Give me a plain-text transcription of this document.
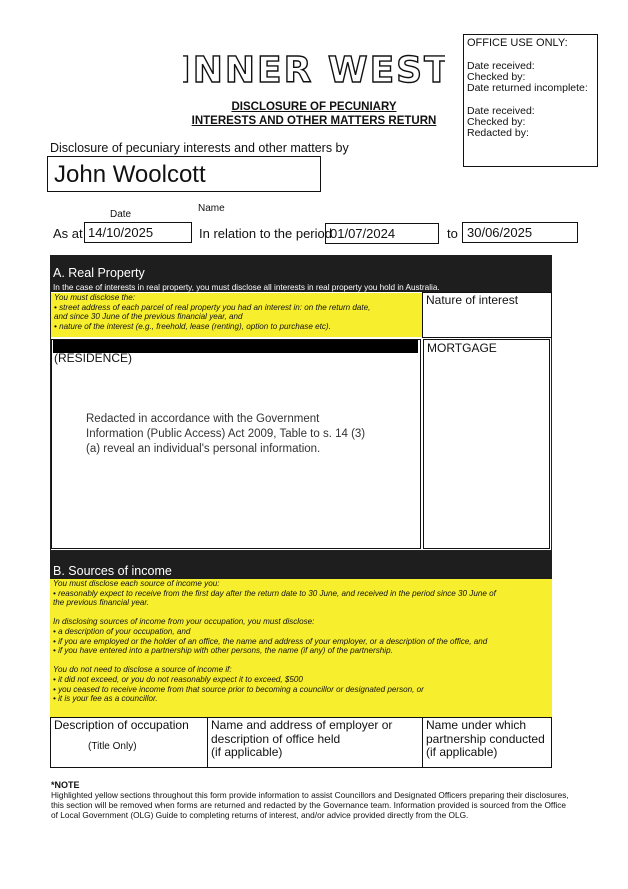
INNER WEST
DISCLOSURE OF PECUNIARY
INTERESTS AND OTHER MATTERS RETURN
OFFICE USE ONLY:
Date received:
Checked by:
Date returned incomplete:
Date received:
Checked by:
Redacted by:
Disclosure of pecuniary interests and other matters by
John Woolcott
Name
Date
As at 14/10/2025	In relation to the period
01/07/2024	to 30/06/2025
A. Real Property
In the case of interests in real property, you must disclose all interests in real property you hold in Australia.
You must disclose the:
• street address of each parcel of real property you had an interest in: on the return date,
and since 30 June of the previous financial year, and
• nature of the interest (e.g., freehold, lease (renting), option to purchase etc).
Nature of interest
(RESIDENCE)
Redacted in accordance with the Government
Information (Public Access) Act 2009, Table to s. 14 (3)
(a) reveal an individual's personal information.
MORTGAGE
B. Sources of income
You must disclose each source of income you:
• reasonably expect to receive from the first day after the return date to 30 June, and received in the period since 30 June of
the previous financial year.
In disclosing sources of income from your occupation, you must disclose:
• a description of your occupation, and
• if you are employed or the holder of an office, the name and address of your employer, or a description of the office, and
• if you have entered into a partnership with other persons, the name (if any) of the partnership.
You do not need to disclose a source of income if:
• it did not exceed, or you do not reasonably expect it to exceed, $500
• you ceased to receive income from that source prior to becoming a councillor or designated person, or
• it is your fee as a councillor.
Description of occupation
(Title Only)
Name and address of employer or
description of office held
(if applicable)
Name under which
partnership conducted
(if applicable)
*NOTE
Highlighted yellow sections throughout this form provide information to assist Councillors and Designated Officers preparing their disclosures, this section will be removed when forms are returned and redacted by the Governance team. Information provided is sourced from the Office of Local Government (OLG) Guide to completing returns of interest, and/or advice provided directly from the OLG.
